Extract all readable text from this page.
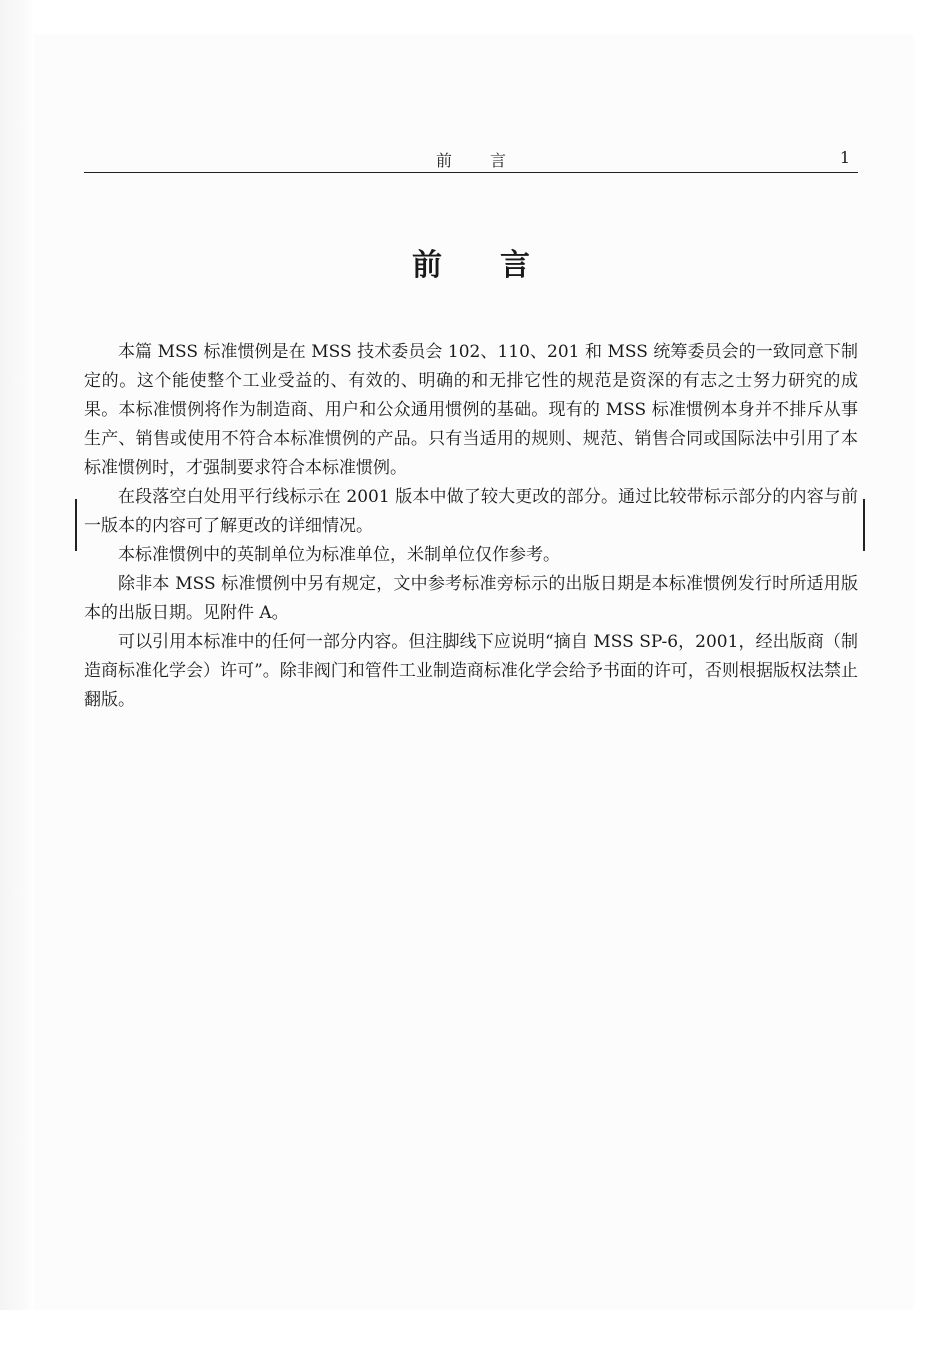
前言	1
前言

本篇 MSS 标准惯例是在 MSS 技术委员会 102、110、201 和 MSS 统筹委员会的一致同意下制定的。这个能使整个工业受益的、有效的、明确的和无排它性的规范是资深的有志之士努力研究的成果。本标准惯例将作为制造商、用户和公众通用惯例的基础。现有的 MSS 标准惯例本身并不排斥从事生产、销售或使用不符合本标准惯例的产品。只有当适用的规则、规范、销售合同或国际法中引用了本标准惯例时，才强制要求符合本标准惯例。

在段落空白处用平行线标示在 2001 版本中做了较大更改的部分。通过比较带标示部分的内容与前一版本的内容可了解更改的详细情况。

本标准惯例中的英制单位为标准单位，米制单位仅作参考。

除非本 MSS 标准惯例中另有规定，文中参考标准旁标示的出版日期是本标准惯例发行时所适用版本的出版日期。见附件 A。

可以引用本标准中的任何一部分内容。但注脚线下应说明“摘自 MSS SP-6，2001，经出版商（制造商标准化学会）许可”。除非阀门和管件工业制造商标准化学会给予书面的许可，否则根据版权法禁止翻版。
